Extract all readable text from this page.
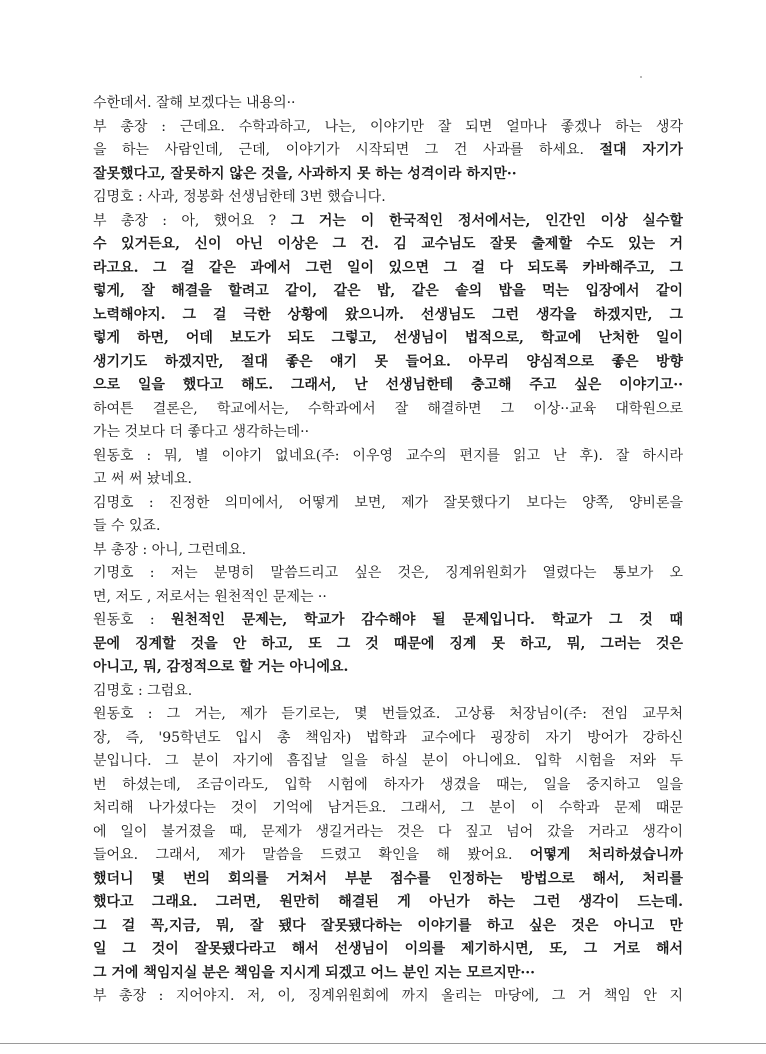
수한데서. 잘해 보겠다는 내용의··
부 총장 : 근데요. 수학과하고, 나는, 이야기만 잘 되면 얼마나 좋겠나 하는 생각
을 하는 사람인데, 근데, 이야기가 시작되면 그 건 사과를 하세요. 절대 자기가
잘못했다고, 잘못하지 않은 것을, 사과하지 못 하는 성격이라 하지만··
김명호 : 사과, 정봉화 선생님한테 3번 했습니다.
부 총장 : 아, 했어요 ? 그 거는 이 한국적인 정서에서는, 인간인 이상 실수할
수 있거든요, 신이 아닌 이상은 그 건. 김 교수님도 잘못 출제할 수도 있는 거
라고요. 그 걸 같은 과에서 그런 일이 있으면 그 걸 다 되도록 카바해주고, 그
렇게, 잘 해결을 할려고 같이, 같은 밥, 같은 솥의 밥을 먹는 입장에서 같이
노력해야지. 그 걸 극한 상황에 왔으니까. 선생님도 그런 생각을 하겠지만, 그
렇게 하면, 어데 보도가 되도 그렇고, 선생님이 법적으로, 학교에 난처한 일이
생기기도 하겠지만, 절대 좋은 얘기 못 들어요. 아무리 양심적으로 좋은 방향
으로 일을 했다고 해도. 그래서, 난 선생님한테 충고해 주고 싶은 이야기고··
하여튼 결론은, 학교에서는, 수학과에서 잘 해결하면 그 이상··교육 대학원으로
가는 것보다 더 좋다고 생각하는데··
원동호 : 뭐, 별 이야기 없네요(주: 이우영 교수의 편지를 읽고 난 후). 잘 하시라
고 써 써 놨네요.
김명호 : 진정한 의미에서, 어떻게 보면, 제가 잘못했다기 보다는 양쪽, 양비론을
들 수 있죠.
부 총장 : 아니, 그런데요.
기명호 : 저는 분명히 말씀드리고 싶은 것은, 징계위원회가 열렸다는 통보가 오
면, 저도 , 저로서는 원천적인 문제는 ··
원동호 : 원천적인 문제는, 학교가 감수해야 될 문제입니다. 학교가 그 것 때
문에 징계할 것을 안 하고, 또 그 것 때문에 징계 못 하고, 뭐, 그러는 것은
아니고, 뭐, 감정적으로 할 거는 아니에요.
김명호 : 그럼요.
원동호 : 그 거는, 제가 듣기로는, 몇 번들었죠. 고상룡 처장님이(주: 전임 교무처
장, 즉, '95학년도 입시 총 책임자) 법학과 교수에다 굉장히 자기 방어가 강하신
분입니다. 그 분이 자기에 흠집날 일을 하실 분이 아니에요. 입학 시험을 저와 두
번 하셨는데, 조금이라도, 입학 시험에 하자가 생겼을 때는, 일을 중지하고 일을
처리해 나가셨다는 것이 기억에 남거든요. 그래서, 그 분이 이 수학과 문제 때문
에 일이 불거졌을 때, 문제가 생길거라는 것은 다 짚고 넘어 갔을 거라고 생각이
들어요. 그래서, 제가 말씀을 드렸고 확인을 해 봤어요. 어떻게 처리하셨습니까
했더니 몇 번의 회의를 거쳐서 부분 점수를 인정하는 방법으로 해서, 처리를
했다고 그래요. 그러면, 원만히 해결된 게 아닌가 하는 그런 생각이 드는데.
그 걸 꼭,지금, 뭐, 잘 됐다 잘못됐다하는 이야기를 하고 싶은 것은 아니고 만
일 그 것이 잘못됐다라고 해서 선생님이 이의를 제기하시면, 또, 그 거로 해서
그 거에 책임지실 분은 책임을 지시게 되겠고 어느 분인 지는 모르지만···
부 총장 : 지어야지. 저, 이, 징계위원회에 까지 올리는 마당에, 그 거 책임 안 지
